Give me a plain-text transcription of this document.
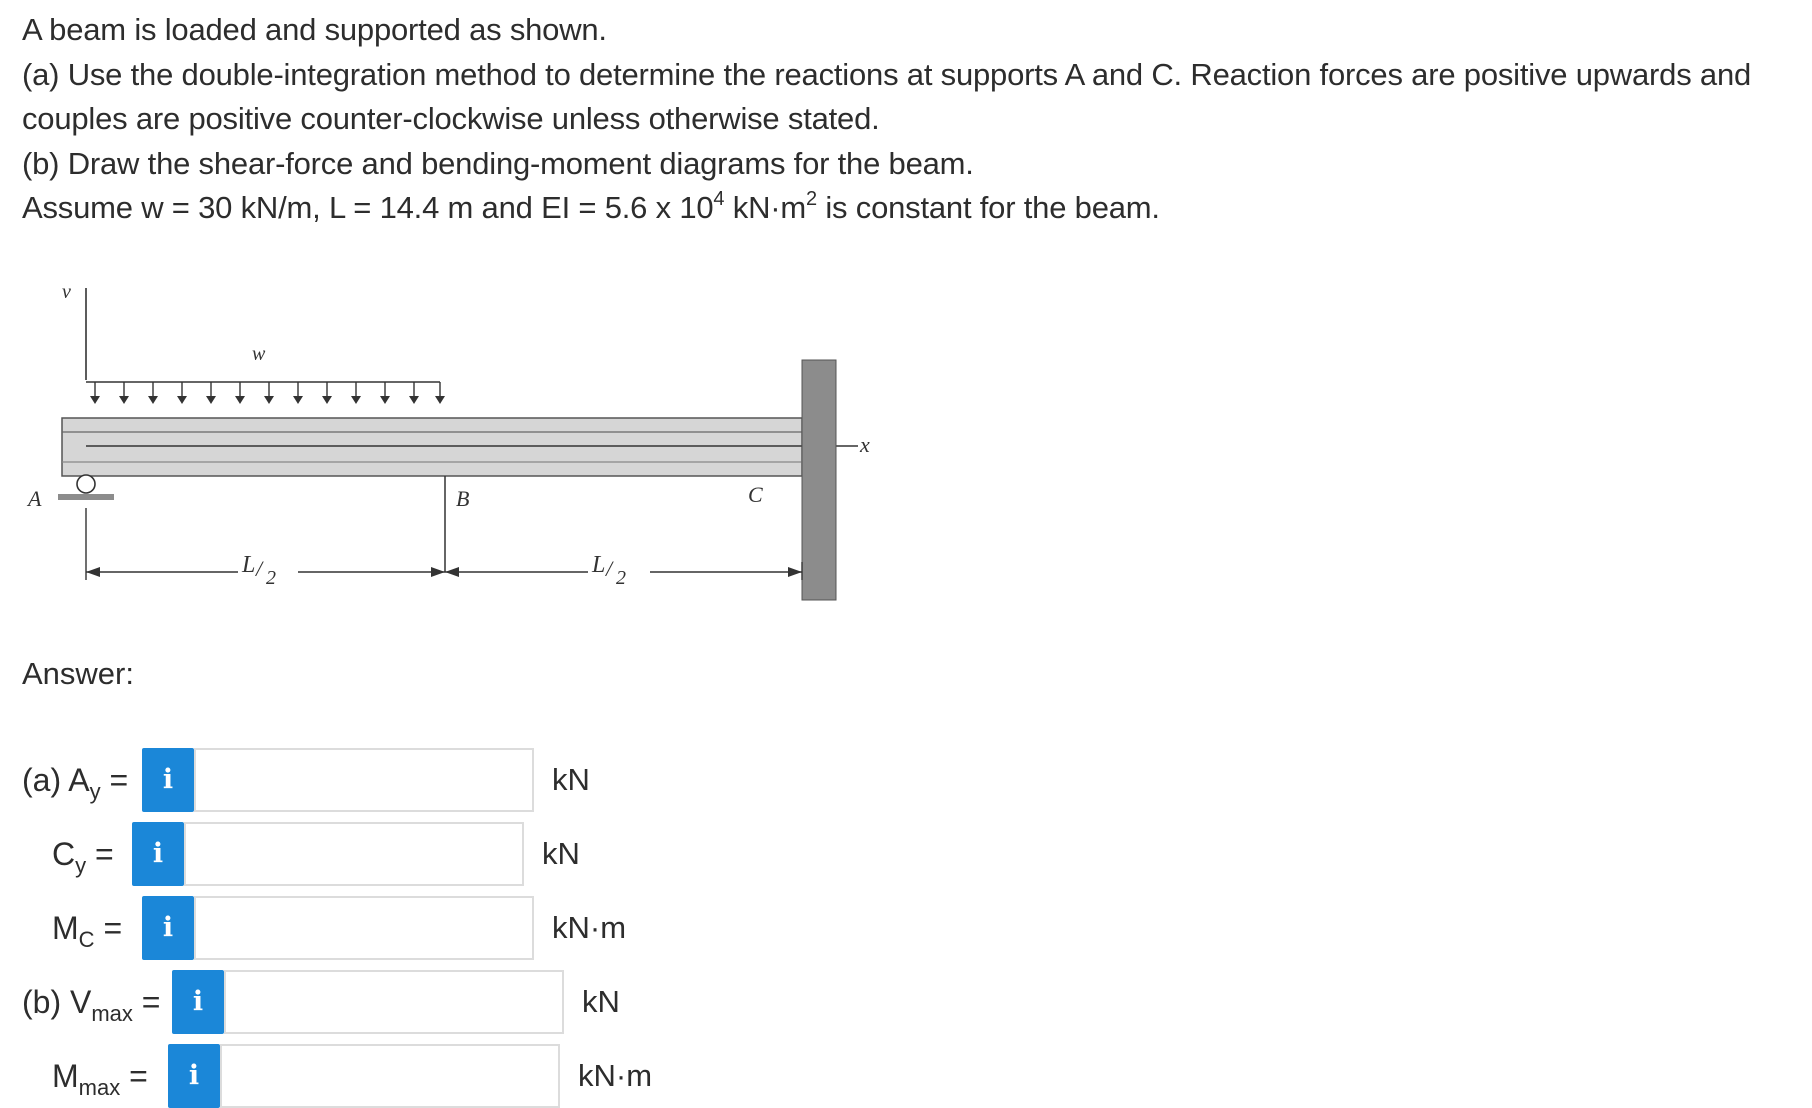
A beam is loaded and supported as shown.

(a) Use the double-integration method to determine the reactions at supports A and C. Reaction forces are positive upwards and couples are positive counter-clockwise unless otherwise stated.

(b) Draw the shear-force and bending-moment diagrams for the beam.

Assume w = 30 kN/m, L = 14.4 m and EI = 5.6 x $10^4$ $kN\cdot m^2$ is constant for the beam.

v
w
x
A	B	C
L / 2	L / 2
Answer:
(a) $A_y$ =	i	kN
$C_y$ =	i	kN
$M_C$ =	i	kN·m
(b) $V_{max}$ =	i	kN
$M_{max}$ =	i	kN·m
